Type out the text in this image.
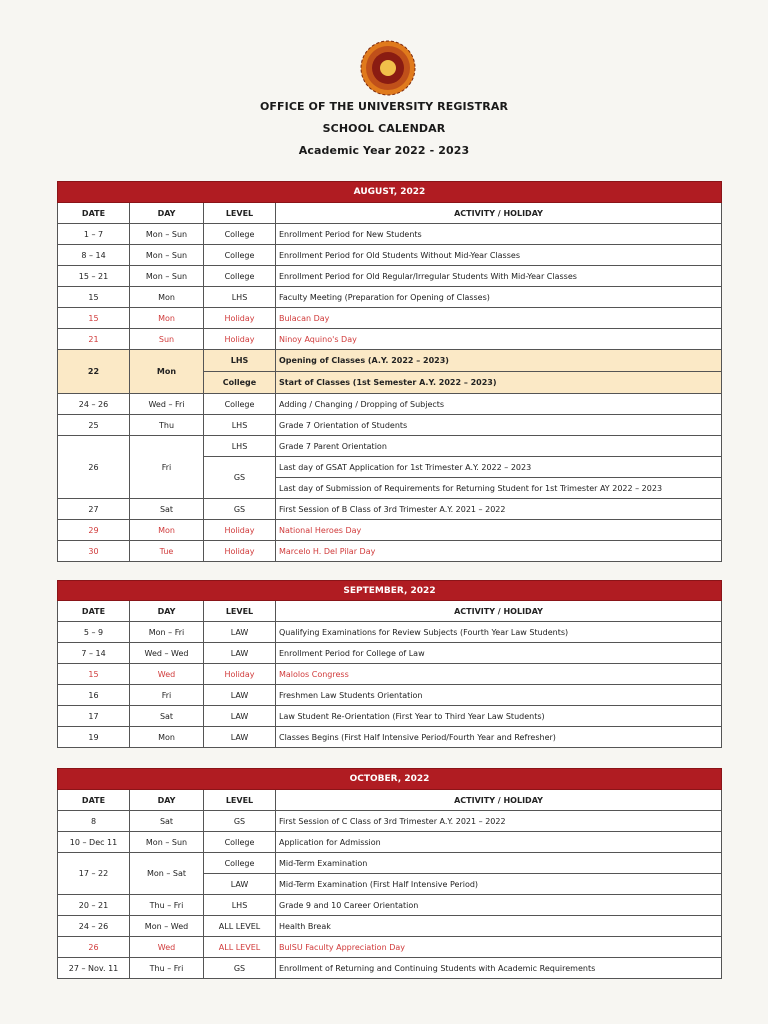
OFFICE OF THE UNIVERSITY REGISTRAR
SCHOOL CALENDAR
Academic Year 2022 - 2023
AUGUST, 2022			
DATE	DAY	LEVEL	ACTIVITY / HOLIDAY
1 – 7	Mon – Sun	College	Enrollment Period for New Students
8 – 14	Mon – Sun	College	Enrollment Period for Old Students Without Mid-Year Classes
15 – 21	Mon – Sun	College	Enrollment Period for Old Regular/Irregular Students With Mid-Year Classes
15	Mon	LHS	Faculty Meeting (Preparation for Opening of Classes)
15	Mon	Holiday	Bulacan Day
21	Sun	Holiday	Ninoy Aquino's Day
22	Mon	LHS	Opening of Classes (A.Y. 2022 – 2023)
		College	Start of Classes (1st Semester A.Y. 2022 – 2023)
24 – 26	Wed – Fri	College	Adding / Changing / Dropping of Subjects
25	Thu	LHS	Grade 7 Orientation of Students
26	Fri	LHS	Grade 7 Parent Orientation
		GS	Last day of GSAT Application for 1st Trimester A.Y. 2022 – 2023
			Last day of Submission of Requirements for Returning Student for 1st Trimester AY 2022 – 2023
27	Sat	GS	First Session of B Class of 3rd Trimester A.Y. 2021 – 2022
29	Mon	Holiday	National Heroes Day
30	Tue	Holiday	Marcelo H. Del Pilar Day
SEPTEMBER, 2022			
DATE	DAY	LEVEL	ACTIVITY / HOLIDAY
5 – 9	Mon – Fri	LAW	Qualifying Examinations for Review Subjects (Fourth Year Law Students)
7 – 14	Wed – Wed	LAW	Enrollment Period for College of Law
15	Wed	Holiday	Malolos Congress
16	Fri	LAW	Freshmen Law Students Orientation
17	Sat	LAW	Law Student Re-Orientation (First Year to Third Year Law Students)
19	Mon	LAW	Classes Begins (First Half Intensive Period/Fourth Year and Refresher)
OCTOBER, 2022			
DATE	DAY	LEVEL	ACTIVITY / HOLIDAY
8	Sat	GS	First Session of C Class of 3rd Trimester A.Y. 2021 – 2022
10 – Dec 11	Mon – Sun	College	Application for Admission
17 – 22	Mon – Sat	College	Mid-Term Examination
		LAW	Mid-Term Examination (First Half Intensive Period)
20 – 21	Thu – Fri	LHS	Grade 9 and 10 Career Orientation
24 – 26	Mon – Wed	ALL LEVEL	Health Break
26	Wed	ALL LEVEL	BulSU Faculty Appreciation Day
27 – Nov. 11	Thu – Fri	GS	Enrollment of Returning and Continuing Students with Academic Requirements
